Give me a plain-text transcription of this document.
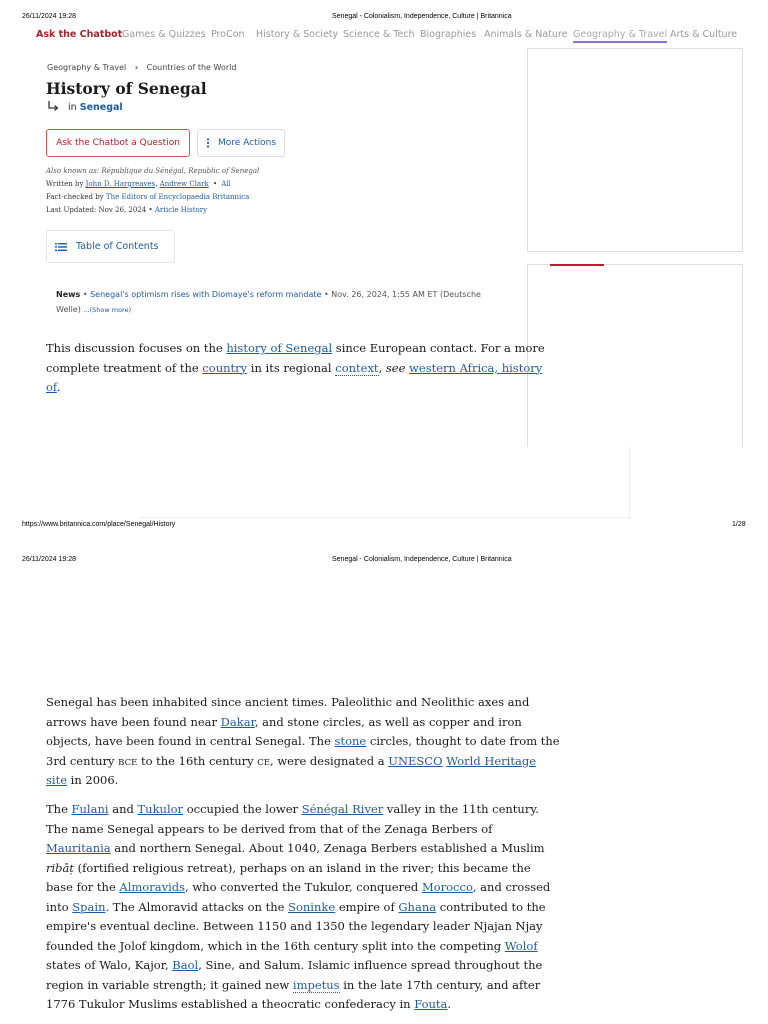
26/11/2024 19:28	Senegal - Colonialism, Independence, Culture | Britannica
Ask the Chatbot Games & Quizzes ProCon History & Society Science & Tech Biographies Animals & Nature Geography & Travel Arts & Culture
Geography & Travel › Countries of the World
History of Senegal
in Senegal
Ask the Chatbot a Question	More Actions
Also known as: République du Sénégal, Republic of Senegal
Written by John D. Hargreaves, Andrew Clark • All
Fact-checked by The Editors of Encyclopaedia Britannica
Last Updated: Nov 26, 2024 • Article History
Table of Contents
News • Senegal's optimism rises with Diomaye's reform mandate • Nov. 26, 2024, 1:55 AM ET (Deutsche
Welle) ...(Show more)
This discussion focuses on the history of Senegal since European contact. For a more
complete treatment of the country in its regional context, see western Africa, history
of.
https://www.britannica.com/place/Senegal/History	1/28
26/11/2024 19:28	Senegal - Colonialism, Independence, Culture | Britannica
Senegal has been inhabited since ancient times. Paleolithic and Neolithic axes and
arrows have been found near Dakar, and stone circles, as well as copper and iron
objects, have been found in central Senegal. The stone circles, thought to date from the
3rd century BCE to the 16th century CE, were designated a UNESCO World Heritage
site in 2006.
The Fulani and Tukulor occupied the lower Sénégal River valley in the 11th century.
The name Senegal appears to be derived from that of the Zenaga Berbers of
Mauritania and northern Senegal. About 1040, Zenaga Berbers established a Muslim
ribāṭ (fortified religious retreat), perhaps on an island in the river; this became the
base for the Almoravids, who converted the Tukulor, conquered Morocco, and crossed
into Spain. The Almoravid attacks on the Soninke empire of Ghana contributed to the
empire's eventual decline. Between 1150 and 1350 the legendary leader Njajan Njay
founded the Jolof kingdom, which in the 16th century split into the competing Wolof
states of Walo, Kajor, Baol, Sine, and Salum. Islamic influence spread throughout the
region in variable strength; it gained new impetus in the late 17th century, and after
1776 Tukulor Muslims established a theocratic confederacy in Fouta.
